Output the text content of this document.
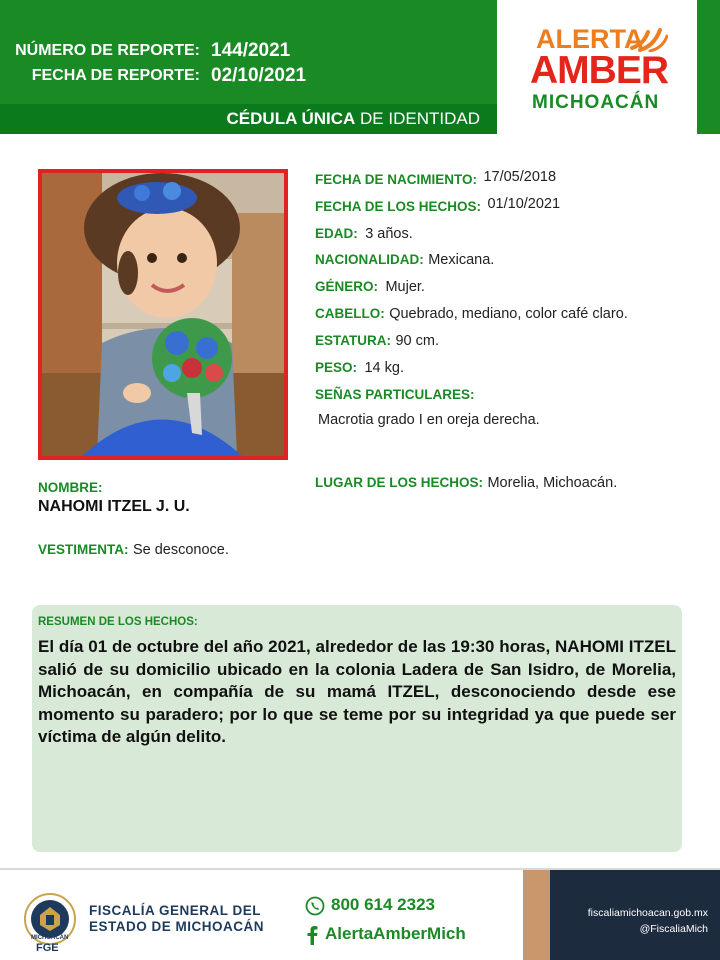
NÚMERO DE REPORTE: 144/2021
FECHA DE REPORTE: 02/10/2021
CÉDULA ÚNICA DE IDENTIDAD
ALERTA
AMBER
MICHOACÁN
FECHA DE NACIMIENTO: 17/05/2018
FECHA DE LOS HECHOS: 01/10/2021
EDAD: 3 años.
NACIONALIDAD: Mexicana.
GÉNERO: Mujer.
CABELLO: Quebrado, mediano, color café claro.
ESTATURA: 90 cm.
PESO: 14 kg.
SEÑAS PARTICULARES:
Macrotia grado I en oreja derecha.
LUGAR DE LOS HECHOS: Morelia, Michoacán.
NOMBRE:
NAHOMI ITZEL J. U.
VESTIMENTA: Se desconoce.
RESUMEN DE LOS HECHOS:

El día 01 de octubre del año 2021, alrededor de las 19:30 horas, NAHOMI ITZEL salió de su domicilio ubicado en la colonia Ladera de San Isidro, de Morelia, Michoacán, en compañía de su mamá ITZEL, desconociendo desde ese momento su paradero; por lo que se teme por su integridad ya que puede ser víctima de algún delito.

MICHOACÁN
FGE
FISCALÍA GENERAL DEL
ESTADO DE MICHOACÁN
800 614 2323
AlertaAmberMich
fiscaliamichoacan.gob.mx
@FiscaliaMich
